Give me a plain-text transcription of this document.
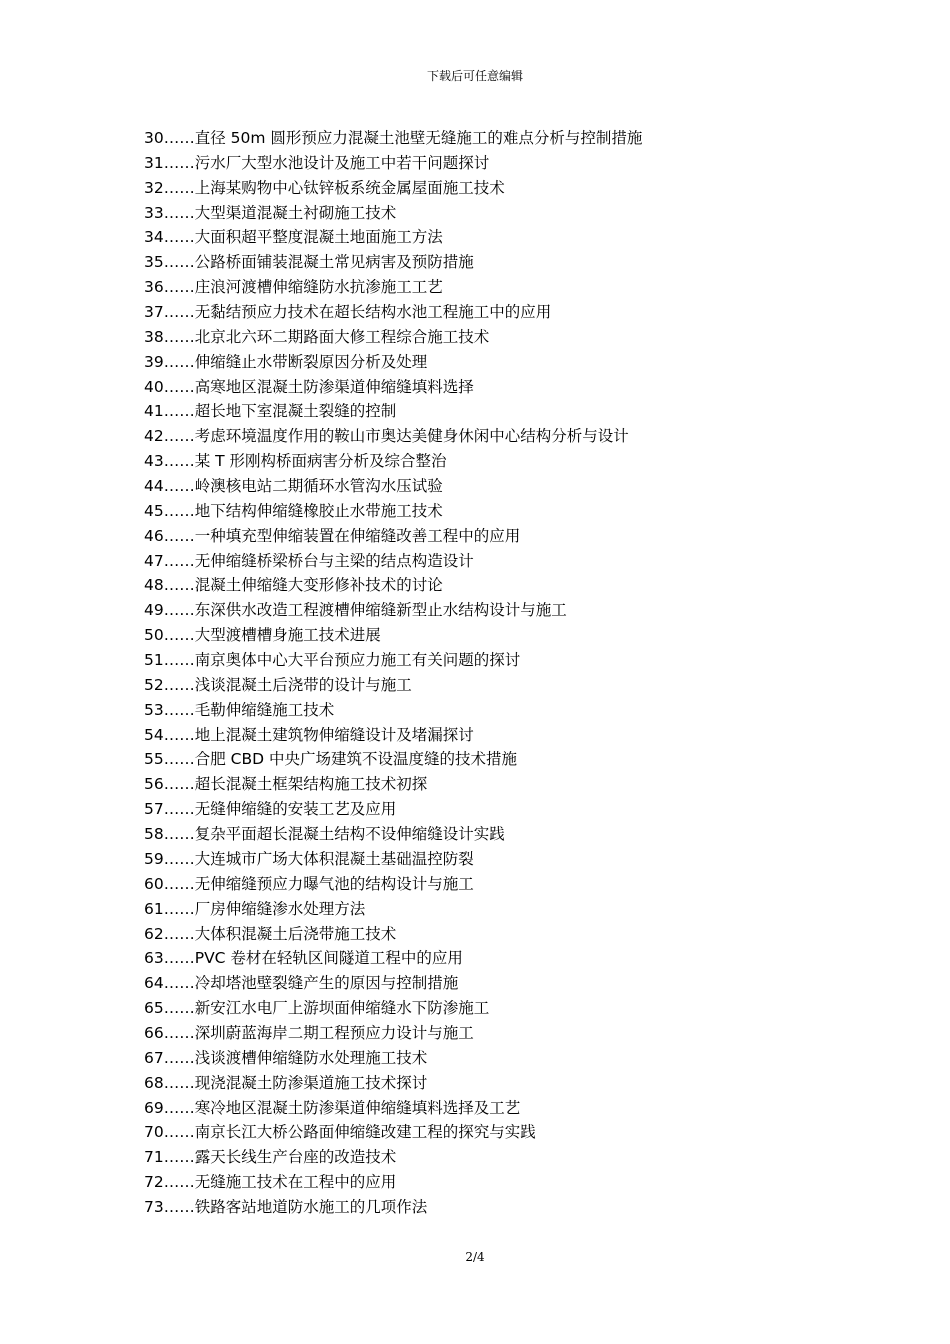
下载后可任意编辑
30……直径 50m 圆形预应力混凝土池壁无缝施工的难点分析与控制措施
31……污水厂大型水池设计及施工中若干问题探讨
32……上海某购物中心钛锌板系统金属屋面施工技术
33……大型渠道混凝土衬砌施工技术
34……大面积超平整度混凝土地面施工方法
35……公路桥面铺装混凝土常见病害及预防措施
36……庄浪河渡槽伸缩缝防水抗渗施工工艺
37……无黏结预应力技术在超长结构水池工程施工中的应用
38……北京北六环二期路面大修工程综合施工技术
39……伸缩缝止水带断裂原因分析及处理
40……高寒地区混凝土防渗渠道伸缩缝填料选择
41……超长地下室混凝土裂缝的控制
42……考虑环境温度作用的鞍山市奥达美健身休闲中心结构分析与设计
43……某 T 形刚构桥面病害分析及综合整治
44……岭澳核电站二期循环水管沟水压试验
45……地下结构伸缩缝橡胶止水带施工技术
46……一种填充型伸缩装置在伸缩缝改善工程中的应用
47……无伸缩缝桥梁桥台与主梁的结点构造设计
48……混凝土伸缩缝大变形修补技术的讨论
49……东深供水改造工程渡槽伸缩缝新型止水结构设计与施工
50……大型渡槽槽身施工技术进展
51……南京奥体中心大平台预应力施工有关问题的探讨
52……浅谈混凝土后浇带的设计与施工
53……毛勒伸缩缝施工技术
54……地上混凝土建筑物伸缩缝设计及堵漏探讨
55……合肥 CBD 中央广场建筑不设温度缝的技术措施
56……超长混凝土框架结构施工技术初探
57……无缝伸缩缝的安装工艺及应用
58……复杂平面超长混凝土结构不设伸缩缝设计实践
59……大连城市广场大体积混凝土基础温控防裂
60……无伸缩缝预应力曝气池的结构设计与施工
61……厂房伸缩缝渗水处理方法
62……大体积混凝土后浇带施工技术
63……PVC 卷材在轻轨区间隧道工程中的应用
64……冷却塔池壁裂缝产生的原因与控制措施
65……新安江水电厂上游坝面伸缩缝水下防渗施工
66……深圳蔚蓝海岸二期工程预应力设计与施工
67……浅谈渡槽伸缩缝防水处理施工技术
68……现浇混凝土防渗渠道施工技术探讨
69……寒冷地区混凝土防渗渠道伸缩缝填料选择及工艺
70……南京长江大桥公路面伸缩缝改建工程的探究与实践
71……露天长线生产台座的改造技术
72……无缝施工技术在工程中的应用
73……铁路客站地道防水施工的几项作法
2/4
